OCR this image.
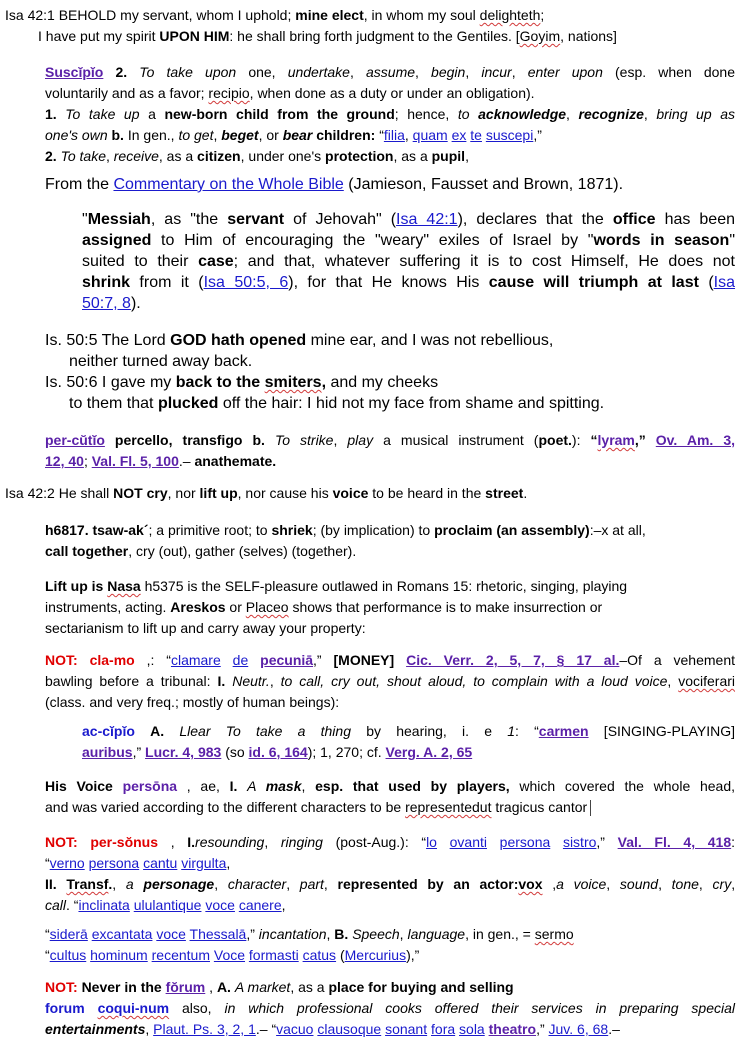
Isa 42:1 BEHOLD my servant, whom I uphold; mine elect, in whom my soul delighteth;
I have put my spirit UPON HIM: he shall bring forth judgment to the Gentiles. [Goyim, nations]
Suscĭpĭo 2. To take upon one, undertake, assume, begin, incur, enter upon (esp. when done
voluntarily and as a favor; recipio, when done as a duty or under an obligation).
1. To take up a new-born child from the ground; hence, to acknowledge, recognize, bring up as
one's own b. In gen., to get, beget, or bear children: “filia, quam ex te suscepi,”
2. To take, receive, as a citizen, under one's protection, as a pupil,
From the Commentary on the Whole Bible (Jamieson, Fausset and Brown, 1871).
"Messiah, as "the servant of Jehovah" (Isa 42:1), declares that the office has been
assigned to Him of encouraging the "weary" exiles of Israel by "words in season"
suited to their case; and that, whatever suffering it is to cost Himself, He does not
shrink from it (Isa 50:5, 6), for that He knows His cause will triumph at last (Isa
50:7, 8).
Is. 50:5 The Lord GOD hath opened mine ear, and I was not rebellious,
neither turned away back.
Is. 50:6 I gave my back to the smiters, and my cheeks
to them that plucked off the hair: I hid not my face from shame and spitting.
per-cŭtĭo percello, transfigo b. To strike, play a musical instrument (poet.): “lyram,” Ov. Am. 3,
12, 40; Val. Fl. 5, 100.– anathemate.
Isa 42:2 He shall NOT cry, nor lift up, nor cause his voice to be heard in the street.
h6817. tsaw-ak´; a primitive root; to shriek; (by implication) to proclaim (an assembly):–x at all,
call together, cry (out), gather (selves) (together).
Lift up is Nasa h5375 is the SELF-pleasure outlawed in Romans 15: rhetoric, singing, playing
instruments, acting. Areskos or Placeo shows that performance is to make insurrection or
sectarianism to lift up and carry away your property:
NOT: cla-mo ,: “clamare de pecuniā,” [MONEY] Cic. Verr. 2, 5, 7, § 17 al.–Of a vehement
bawling before a tribunal: I. Neutr., to call, cry out, shout aloud, to complain with a loud voice, vociferari
(class. and very freq.; mostly of human beings):
ac-cĭpĭo A. Llear To take a thing by hearing, i. e 1: “carmen [SINGING-PLAYING]
auribus,” Lucr. 4, 983 (so id. 6, 164); 1, 270; cf. Verg. A. 2, 65
His Voice persōna , ae, I. A mask, esp. that used by players, which covered the whole head,
and was varied according to the different characters to be representedut tragicus cantor
NOT: per-sŏnus , I.resounding, ringing (post-Aug.): “lo ovanti persona sistro,” Val. Fl. 4, 418:
“verno persona cantu virgulta,
II. Transf., a personage, character, part, represented by an actor:vox ,a voice, sound, tone, cry,
call. “inclinata ululantique voce canere,
“siderā excantata voce Thessalā,” incantation, B. Speech, language, in gen., = sermo
“cultus hominum recentum Voce formasti catus (Mercurius),”
NOT: Never in the fŏrum , A. A market, as a place for buying and selling
forum coqui-num also, in which professional cooks offered their services in preparing special
entertainments, Plaut. Ps. 3, 2, 1.– “vacuo clausoque sonant fora sola theatro,” Juv. 6, 68.–
